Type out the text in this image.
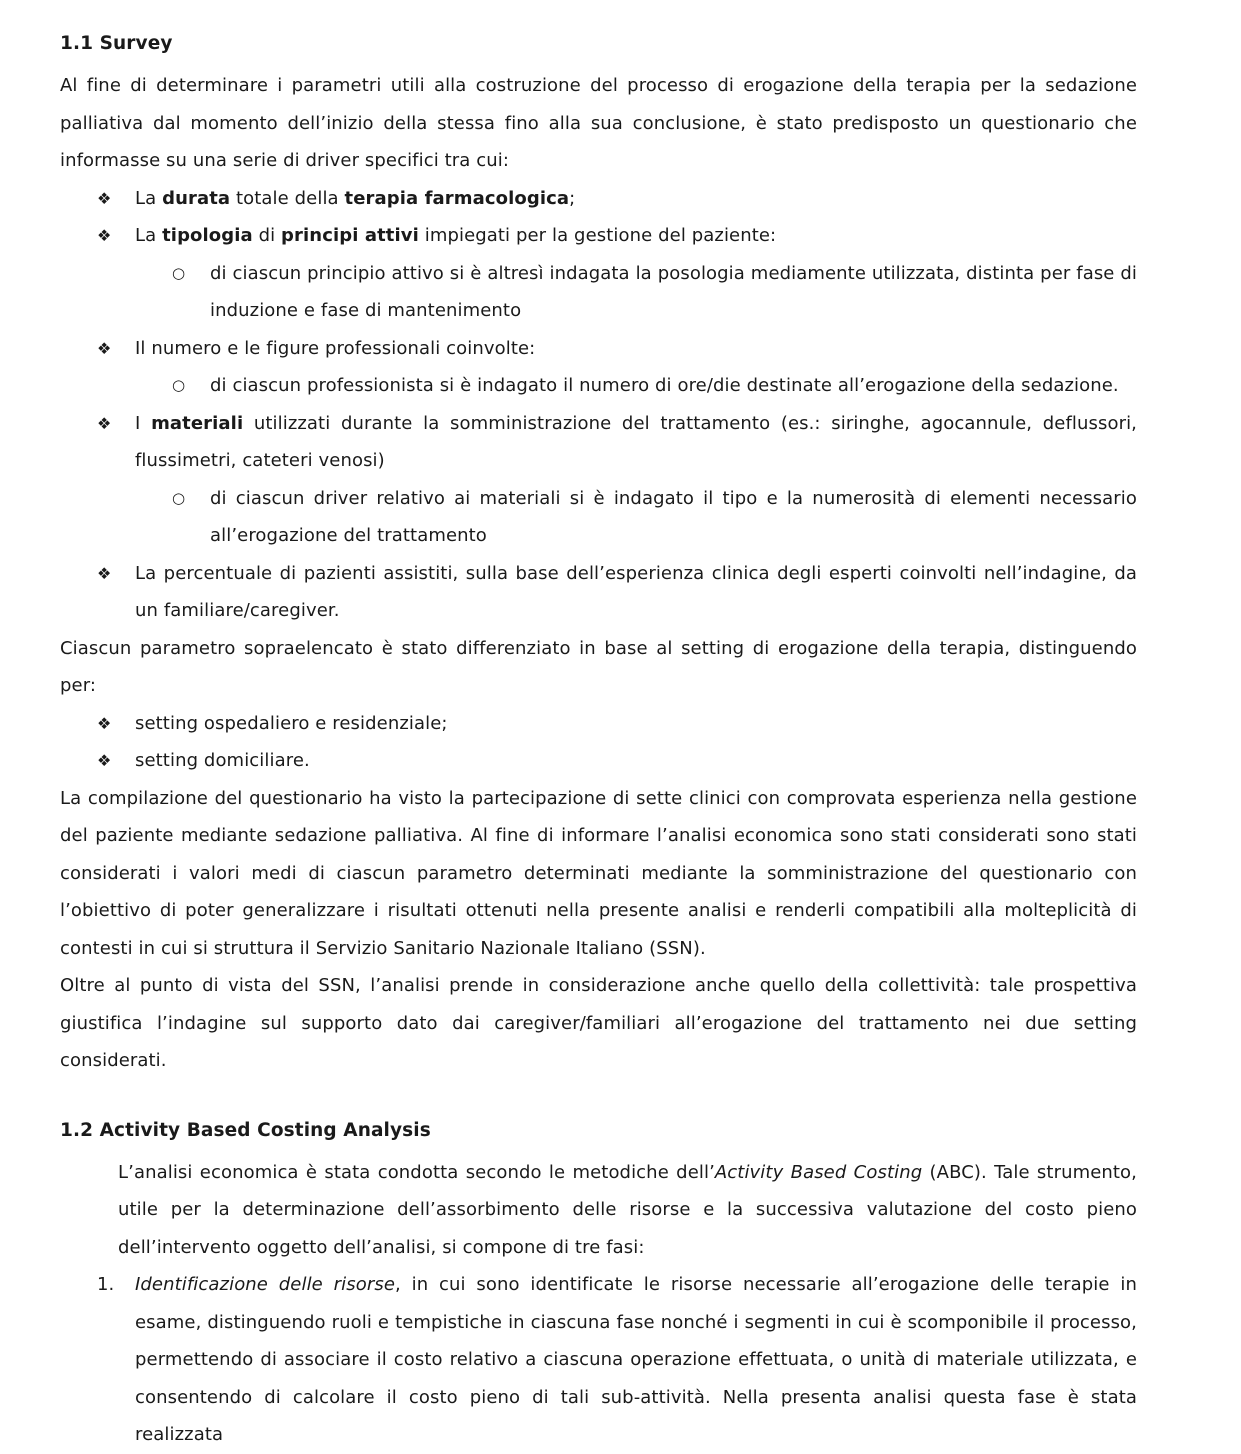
1.1 Survey

Al fine di determinare i parametri utili alla costruzione del processo di erogazione della terapia per la sedazione palliativa dal momento dell’inizio della stessa fino alla sua conclusione, è stato predisposto un questionario che informasse su una serie di driver specifici tra cui:

❖ La durata totale della terapia farmacologica;
❖ La tipologia di principi attivi impiegati per la gestione del paziente:
○ di ciascun principio attivo si è altresì indagata la posologia mediamente utilizzata, distinta per fase di induzione e fase di mantenimento
❖ Il numero e le figure professionali coinvolte:
○ di ciascun professionista si è indagato il numero di ore/die destinate all’erogazione della sedazione.
❖ I materiali utilizzati durante la somministrazione del trattamento (es.: siringhe, agocannule, deflussori, flussimetri, cateteri venosi)
○ di ciascun driver relativo ai materiali si è indagato il tipo e la numerosità di elementi necessario all’erogazione del trattamento
❖ La percentuale di pazienti assistiti, sulla base dell’esperienza clinica degli esperti coinvolti nell’indagine, da un familiare/caregiver.

Ciascun parametro sopraelencato è stato differenziato in base al setting di erogazione della terapia, distinguendo per:

❖ setting ospedaliero e residenziale;
❖ setting domiciliare.

La compilazione del questionario ha visto la partecipazione di sette clinici con comprovata esperienza nella gestione del paziente mediante sedazione palliativa. Al fine di informare l’analisi economica sono stati considerati sono stati considerati i valori medi di ciascun parametro determinati mediante la somministrazione del questionario con l’obiettivo di poter generalizzare i risultati ottenuti nella presente analisi e renderli compatibili alla molteplicità di contesti in cui si struttura il Servizio Sanitario Nazionale Italiano (SSN).

Oltre al punto di vista del SSN, l’analisi prende in considerazione anche quello della collettività: tale prospettiva giustifica l’indagine sul supporto dato dai caregiver/familiari all’erogazione del trattamento nei due setting considerati.

1.2 Activity Based Costing Analysis
L’analisi economica è stata condotta secondo le metodiche dell’Activity Based Costing (ABC). Tale strumento, utile per la determinazione dell’assorbimento delle risorse e la successiva valutazione del costo pieno dell’intervento oggetto dell’analisi, si compone di tre fasi:
1. Identificazione delle risorse, in cui sono identificate le risorse necessarie all’erogazione delle terapie in esame, distinguendo ruoli e tempistiche in ciascuna fase nonché i segmenti in cui è scomponibile il processo, permettendo di associare il costo relativo a ciascuna operazione effettuata, o unità di materiale utilizzata, e consentendo di calcolare il costo pieno di tali sub-attività. Nella presenta analisi questa fase è stata realizzata
